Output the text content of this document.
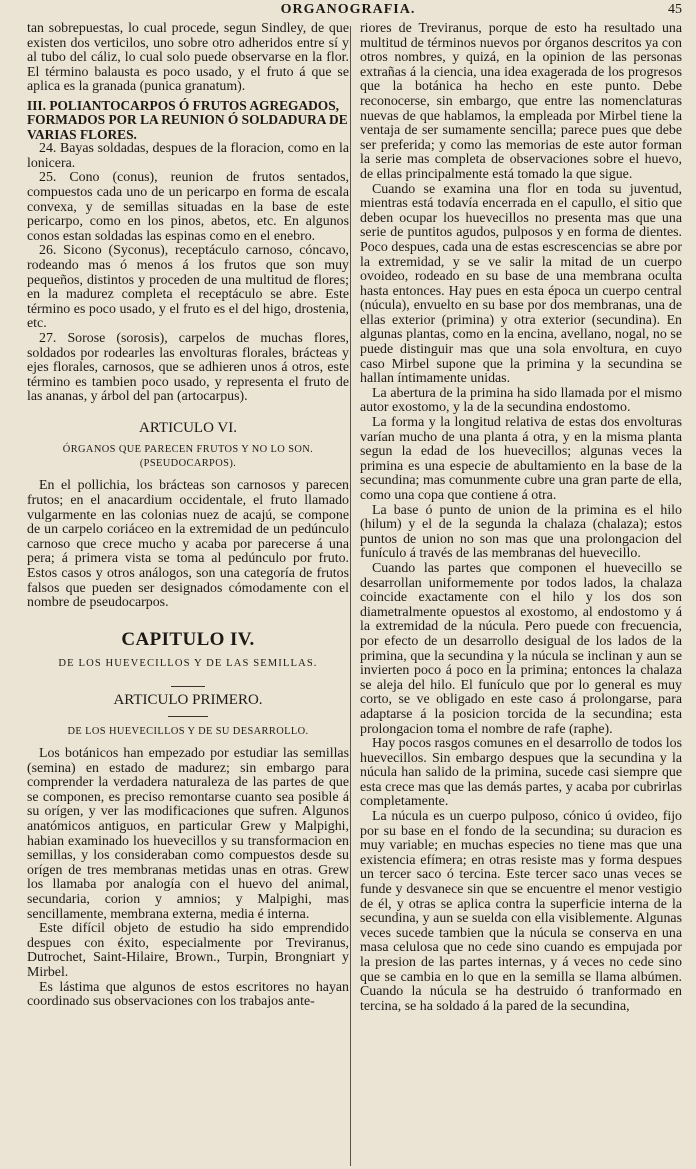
ORGANOGRAFIA.	45

tan sobrepuestas, lo cual procede, segun Sindley, de que existen dos verticilos, uno sobre otro adheridos entre sí y al tubo del cáliz, lo cual solo puede observarse en la flor. El término balausta es poco usado, y el fruto á que se aplica es la granada (punica granatum).

III. POLIANTOCARPOS Ó FRUTOS AGREGADOS, FORMADOS POR LA REUNION Ó SOLDADURA DE VARIAS FLORES.

24. Bayas soldadas, despues de la floracion, como en la lonicera.

25. Cono (conus), reunion de frutos sentados, compuestos cada uno de un pericarpo en forma de escala convexa, y de semillas situadas en la base de este pericarpo, como en los pinos, abetos, etc. En algunos conos estan soldadas las espinas como en el enebro.

26. Sicono (Syconus), receptáculo carnoso, cóncavo, rodeando mas ó menos á los frutos que son muy pequeños, distintos y proceden de una multitud de flores; en la madurez completa el receptáculo se abre. Este término es poco usado, y el fruto es el del higo, drostenia, etc.

27. Sorose (sorosis), carpelos de muchas flores, soldados por rodearles las envolturas florales, brácteas y ejes florales, carnosos, que se adhieren unos á otros, este término es tambien poco usado, y representa el fruto de las ananas, y árbol del pan (artocarpus).

ARTICULO VI.

ÓRGANOS QUE PARECEN FRUTOS Y NO LO SON. (PSEUDOCARPOS).

En el pollichia, los brácteas son carnosos y parecen frutos; en el anacardium occidentale, el fruto llamado vulgarmente en las colonias nuez de acajú, se compone de un carpelo coriáceo en la extremidad de un pedúnculo carnoso que crece mucho y acaba por parecerse á una pera; á primera vista se toma al pedúnculo por fruto. Estos casos y otros análogos, son una categoría de frutos falsos que pueden ser designados cómodamente con el nombre de pseudocarpos.

CAPITULO IV.

DE LOS HUEVECILLOS Y DE LAS SEMILLAS.

ARTICULO PRIMERO.

DE LOS HUEVECILLOS Y DE SU DESARROLLO.

Los botánicos han empezado por estudiar las semillas (semina) en estado de madurez; sin embargo para comprender la verdadera naturaleza de las partes de que se componen, es preciso remontarse cuanto sea posible á su orígen, y ver las modificaciones que sufren. Algunos anatómicos antiguos, en particular Grew y Malpighi, habian examinado los huevecillos y su transformacion en semillas, y los consideraban como compuestos desde su orígen de tres membranas metidas unas en otras. Grew los llamaba por analogía con el huevo del animal, secundaria, corion y amnios; y Malpighi, mas sencillamente, membrana externa, media é interna.

Este difícil objeto de estudio ha sido emprendido despues con éxito, especialmente por Treviranus, Dutrochet, Saint-Hilaire, Brown., Turpin, Brongniart y Mirbel.

Es lástima que algunos de estos escritores no hayan coordinado sus observaciones con los trabajos ante-

riores de Treviranus, porque de esto ha resultado una multitud de términos nuevos por órganos descritos ya con otros nombres, y quizá, en la opinion de las personas extrañas á la ciencia, una idea exagerada de los progresos que la botánica ha hecho en este punto. Debe reconocerse, sin embargo, que entre las nomenclaturas nuevas de que hablamos, la empleada por Mirbel tiene la ventaja de ser sumamente sencilla; parece pues que debe ser preferida; y como las memorias de este autor forman la serie mas completa de observaciones sobre el huevo, de ellas principalmente está tomado la que sigue.

Cuando se examina una flor en toda su juventud, mientras está todavía encerrada en el capullo, el sitio que deben ocupar los huevecillos no presenta mas que una serie de puntitos agudos, pulposos y en forma de dientes. Poco despues, cada una de estas escrescencias se abre por la extremidad, y se ve salir la mitad de un cuerpo ovoideo, rodeado en su base de una membrana oculta hasta entonces. Hay pues en esta época un cuerpo central (núcula), envuelto en su base por dos membranas, una de ellas exterior (primina) y otra exterior (secundina). En algunas plantas, como en la encina, avellano, nogal, no se puede distinguir mas que una sola envoltura, en cuyo caso Mirbel supone que la primina y la secundina se hallan íntimamente unidas.

La abertura de la primina ha sido llamada por el mismo autor exostomo, y la de la secundina endostomo.

La forma y la longitud relativa de estas dos envolturas varían mucho de una planta á otra, y en la misma planta segun la edad de los huevecillos; algunas veces la primina es una especie de abultamiento en la base de la secundina; mas comunmente cubre una gran parte de ella, como una copa que contiene á otra.

La base ó punto de union de la primina es el hilo (hilum) y el de la segunda la chalaza (chalaza); estos puntos de union no son mas que una prolongacion del funículo á través de las membranas del huevecillo.

Cuando las partes que componen el huevecillo se desarrollan uniformemente por todos lados, la chalaza coincide exactamente con el hilo y los dos son diametralmente opuestos al exostomo, al endostomo y á la extremidad de la núcula. Pero puede con frecuencia, por efecto de un desarrollo desigual de los lados de la primina, que la secundina y la núcula se inclinan y aun se invierten poco á poco en la primina; entonces la chalaza se aleja del hilo. El funículo que por lo general es muy corto, se ve obligado en este caso á prolongarse, para adaptarse á la posicion torcida de la secundina; esta prolongacion toma el nombre de rafe (raphe).

Hay pocos rasgos comunes en el desarrollo de todos los huevecillos. Sin embargo despues que la secundina y la núcula han salido de la primina, sucede casi siempre que esta crece mas que las demás partes, y acaba por cubrirlas completamente.

La núcula es un cuerpo pulposo, cónico ú ovideo, fijo por su base en el fondo de la secundina; su duracion es muy variable; en muchas especies no tiene mas que una existencia efímera; en otras resiste mas y forma despues un tercer saco ó tercina. Este tercer saco unas veces se funde y desvanece sin que se encuentre el menor vestigio de él, y otras se aplica contra la superficie interna de la secundina, y aun se suelda con ella visiblemente. Algunas veces sucede tambien que la núcula se conserva en una masa celulosa que no cede sino cuando es empujada por la presion de las partes internas, y á veces no cede sino que se cambia en lo que en la semilla se llama albúmen. Cuando la núcula se ha destruido ó tranformado en tercina, se ha soldado á la pared de la secundina,
